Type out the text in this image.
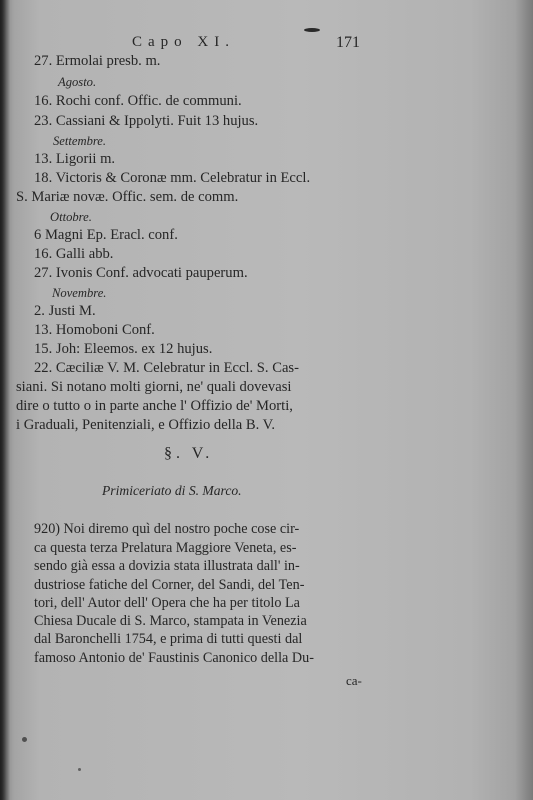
Capo XI.	171
27. Ermolai presb. m.
Agosto.
16. Rochi conf. Offic. de communi.
23. Cassiani & Ippolyti. Fuit 13 hujus.
Settembre.
13. Ligorii m.
18. Victoris & Coronæ mm. Celebratur in Eccl.
S. Mariæ novæ. Offic. sem. de comm.
Ottobre.
6 Magni Ep. Eracl. conf.
16. Galli abb.
27. Ivonis Conf. advocati pauperum.
Novembre.
2. Justi M.
13. Homoboni Conf.
15. Joh: Eleemos. ex 12 hujus.
22. Cæciliæ V. M. Celebratur in Eccl. S. Cas-
siani. Si notano molti giorni, ne' quali dovevasi
dire o tutto o in parte anche l' Offizio de' Morti,
i Graduali, Penitenziali, e Offizio della B. V.
§. V.
Primiceriato di S. Marco.
920) Noi diremo quì del nostro poche cose cir-
ca questa terza Prelatura Maggiore Veneta, es-
sendo già essa a dovizia stata illustrata dall' in-
dustriose fatiche del Corner, del Sandi, del Ten-
tori, dell' Autor dell' Opera che ha per titolo La
Chiesa Ducale di S. Marco, stampata in Venezia
dal Baronchelli 1754, e prima di tutti questi dal
famoso Antonio de' Faustinis Canonico della Du-
ca-
